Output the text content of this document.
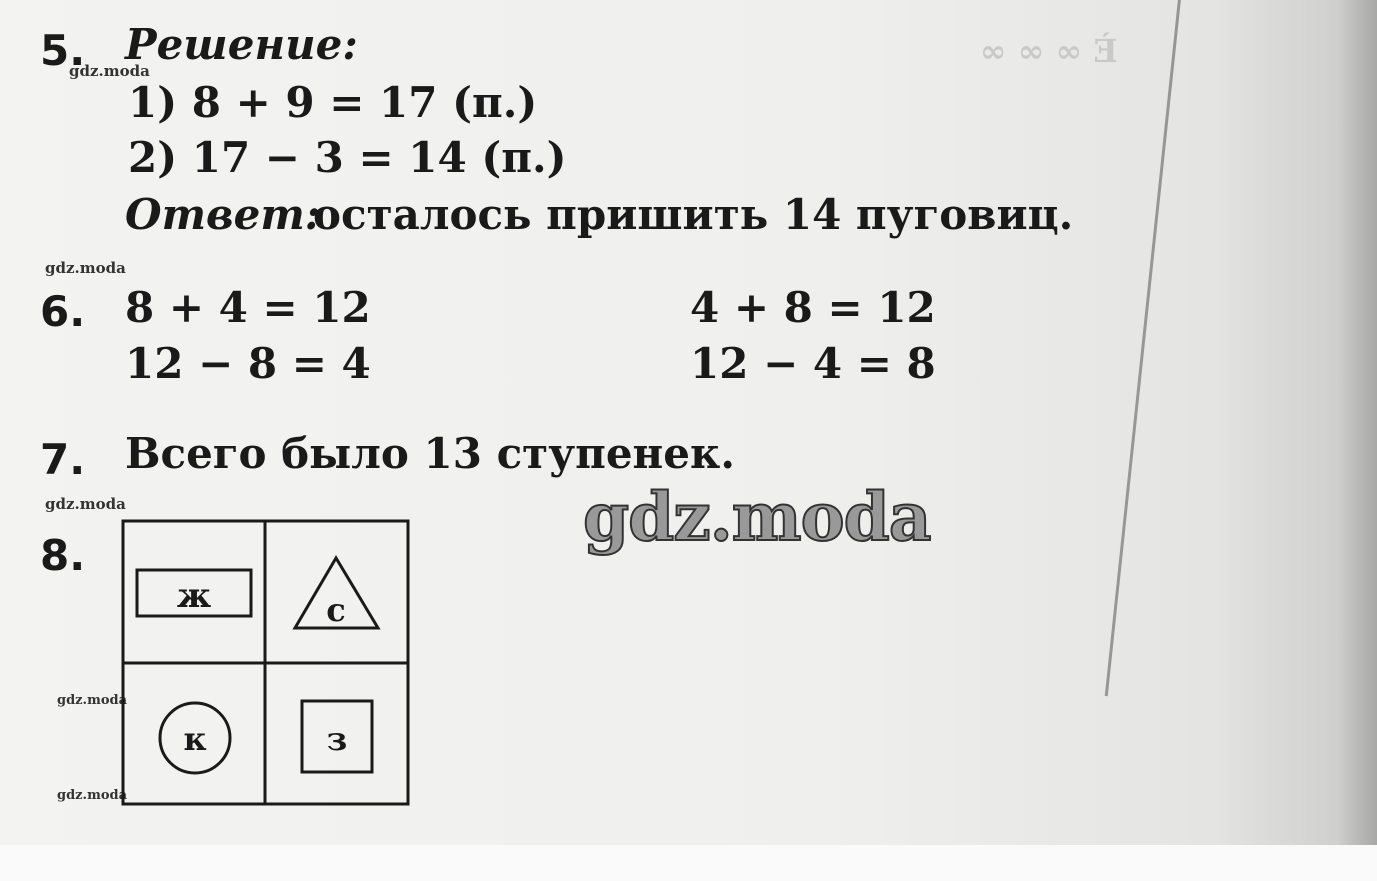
Ѐ ∞ ∞ ∞
5. Решение:
gdz.moda
1) 8 + 9 = 17 (п.)
2) 17 − 3 = 14 (п.)
Ответ:
осталось пришить 14 пуговиц.
gdz.moda
6. 8 + 4 = 12	4 + 8 = 12
12 − 8 = 4	12 − 4 = 8
7. Всего было 13 ступенек.
gdz.moda
8.
gdz.moda
gdz.moda
ж	с
к	з
gdz.moda
